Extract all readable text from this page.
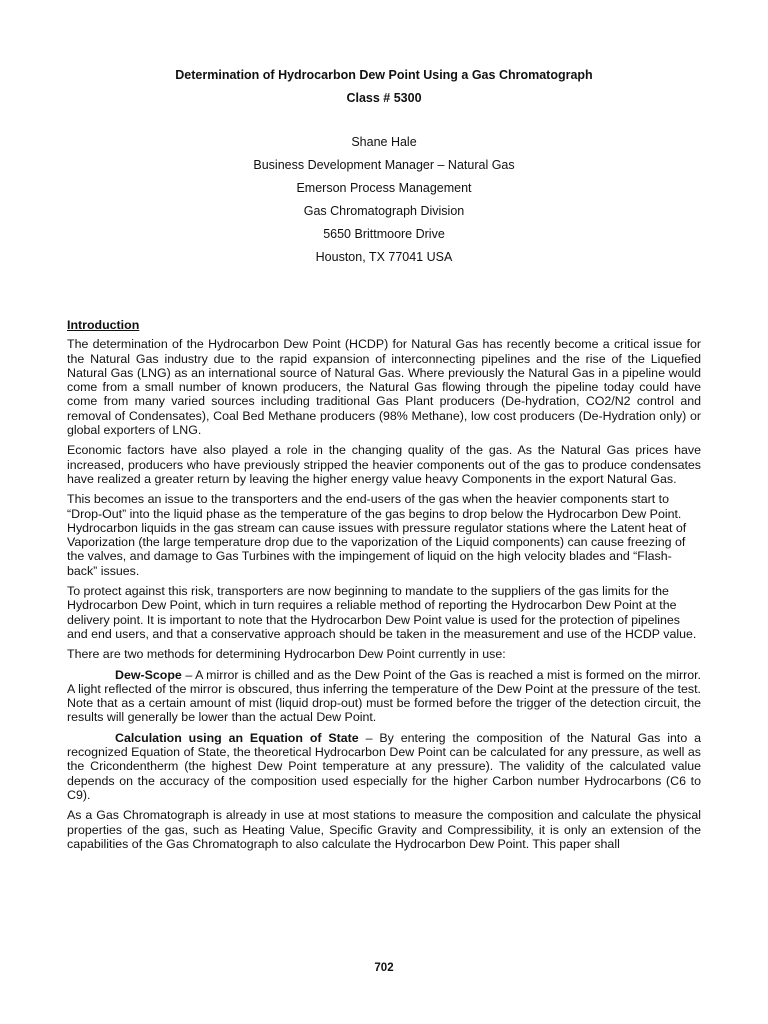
Determination of Hydrocarbon Dew Point Using a Gas Chromatograph

Class # 5300

Shane Hale
Business Development Manager – Natural Gas
Emerson Process Management
Gas Chromatograph Division
5650 Brittmoore Drive
Houston, TX 77041 USA

Introduction

The determination of the Hydrocarbon Dew Point (HCDP) for Natural Gas has recently become a critical issue for the Natural Gas industry due to the rapid expansion of interconnecting pipelines and the rise of the Liquefied Natural Gas (LNG) as an international source of Natural Gas. Where previously the Natural Gas in a pipeline would come from a small number of known producers, the Natural Gas flowing through the pipeline today could have come from many varied sources including traditional Gas Plant producers (De-hydration, CO2/N2 control and removal of Condensates), Coal Bed Methane producers (98% Methane), low cost producers (De-Hydration only) or global exporters of LNG.

Economic factors have also played a role in the changing quality of the gas. As the Natural Gas prices have increased, producers who have previously stripped the heavier components out of the gas to produce condensates have realized a greater return by leaving the higher energy value heavy Components in the export Natural Gas.

This becomes an issue to the transporters and the end-users of the gas when the heavier components start to “Drop-Out” into the liquid phase as the temperature of the gas begins to drop below the Hydrocarbon Dew Point. Hydrocarbon liquids in the gas stream can cause issues with pressure regulator stations where the Latent heat of Vaporization (the large temperature drop due to the vaporization of the Liquid components) can cause freezing of the valves, and damage to Gas Turbines with the impingement of liquid on the high velocity blades and “Flash-back” issues.

To protect against this risk, transporters are now beginning to mandate to the suppliers of the gas limits for the Hydrocarbon Dew Point, which in turn requires a reliable method of reporting the Hydrocarbon Dew Point at the delivery point. It is important to note that the Hydrocarbon Dew Point value is used for the protection of pipelines and end users, and that a conservative approach should be taken in the measurement and use of the HCDP value.

There are two methods for determining Hydrocarbon Dew Point currently in use:

Dew-Scope – A mirror is chilled and as the Dew Point of the Gas is reached a mist is formed on the mirror. A light reflected of the mirror is obscured, thus inferring the temperature of the Dew Point at the pressure of the test. Note that as a certain amount of mist (liquid drop-out) must be formed before the trigger of the detection circuit, the results will generally be lower than the actual Dew Point.

Calculation using an Equation of State – By entering the composition of the Natural Gas into a recognized Equation of State, the theoretical Hydrocarbon Dew Point can be calculated for any pressure, as well as the Cricondentherm (the highest Dew Point temperature at any pressure). The validity of the calculated value depends on the accuracy of the composition used especially for the higher Carbon number Hydrocarbons (C6 to C9).

As a Gas Chromatograph is already in use at most stations to measure the composition and calculate the physical properties of the gas, such as Heating Value, Specific Gravity and Compressibility, it is only an extension of the capabilities of the Gas Chromatograph to also calculate the Hydrocarbon Dew Point. This paper shall

702
